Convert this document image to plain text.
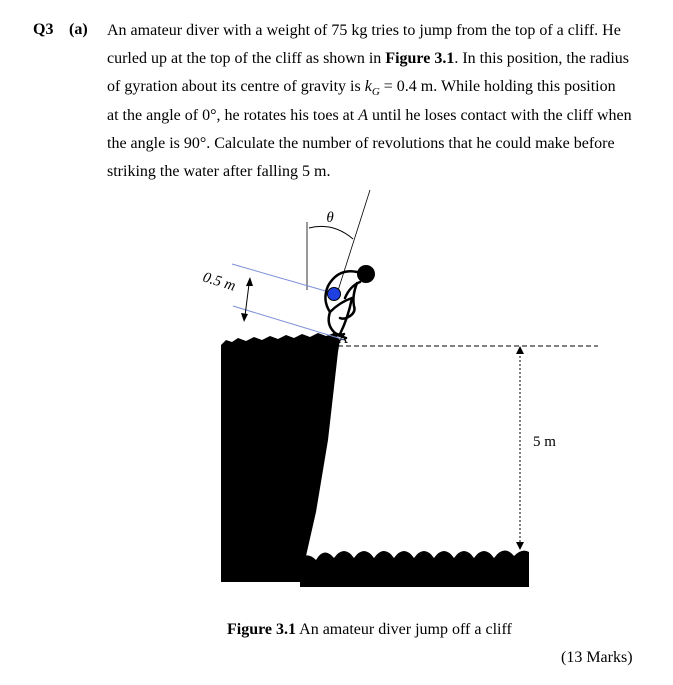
Q3 (a) An amateur diver with a weight of 75 kg tries to jump from the top of a cliff. He
curled up at the top of the cliff as shown in Figure 3.1. In this position, the radius
of gyration about its centre of gravity is $k_G = 0.4$ m. While holding this position
at the angle of 0°, he rotates his toes at A until he loses contact with the cliff when
the angle is 90°. Calculate the number of revolutions that he could make before
striking the water after falling 5 m.
θ
0.5 m
A
5 m
Figure 3.1 An amateur diver jump off a cliff
(13 Marks)
